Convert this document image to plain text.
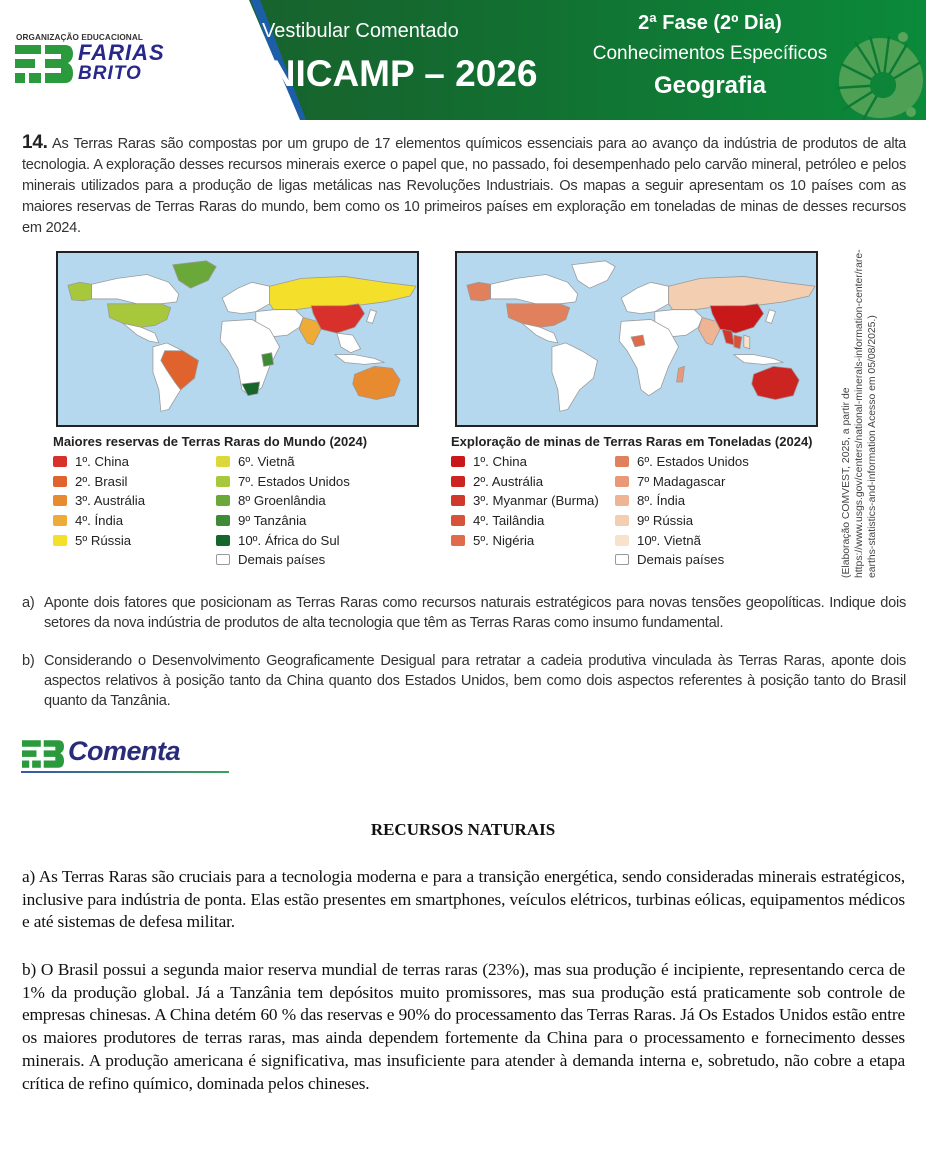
ORGANIZAÇÃO EDUCACIONAL
FARIAS
BRITO
Vestibular Comentado
UNICAMP – 2026
2ª Fase (2º Dia)
Conhecimentos Específicos
Geografia
14. As Terras Raras são compostas por um grupo de 17 elementos químicos essenciais para ao avanço da indústria de produtos de alta tecnologia. A exploração desses recursos minerais exerce o papel que, no passado, foi desempenhado pelo carvão mineral, petróleo e pelos minerais utilizados para a produção de ligas metálicas nas Revoluções Industriais. Os mapas a seguir apresentam os 10 países com as maiores reservas de Terras Raras do mundo, bem como os 10 primeiros países em exploração em toneladas de minas de desses recursos em 2024.
Maiores reservas de Terras Raras do Mundo (2024)
1º. China
2º. Brasil
3º. Austrália
4º. Índia
5º Rússia
6º. Vietnã
7º. Estados Unidos
8º Groenlândia
9º Tanzânia
10º. África do Sul
Demais países
Exploração de minas de Terras Raras em Toneladas (2024)
1º. China
2º. Austrália
3º. Myanmar (Burma)
4º. Tailândia
5º. Nigéria
6º. Estados Unidos
7º Madagascar
8º. Índia
9º Rússia
10º. Vietnã
Demais países	(Elaboração COMVEST, 2025, a partir de https://www.usgs.gov/centers/national-minerals-information-center/rare-earths-statistics-and-information Acesso em 05/08/2025.)
a) Aponte dois fatores que posicionam as Terras Raras como recursos naturais estratégicos para novas tensões geopolíticas. Indique dois setores da nova indústria de produtos de alta tecnologia que têm as Terras Raras como insumo fundamental.
b) Considerando o Desenvolvimento Geograficamente Desigual para retratar a cadeia produtiva vinculada às Terras Raras, aponte dois aspectos relativos à posição tanto da China quanto dos Estados Unidos, bem como dois aspectos referentes à posição tanto do Brasil quanto da Tanzânia.
Comenta
RECURSOS NATURAIS
a) As Terras Raras são cruciais para a tecnologia moderna e para a transição energética, sendo consideradas minerais estratégicos, inclusive para indústria de ponta. Elas estão presentes em smartphones, veículos elétricos, turbinas eólicas, equipamentos médicos e até sistemas de defesa militar.
b) O Brasil possui a segunda maior reserva mundial de terras raras (23%), mas sua produção é incipiente, representando cerca de 1% da produção global. Já a Tanzânia tem depósitos muito promissores, mas sua produção está praticamente sob controle de empresas chinesas. A China detém 60 % das reservas e 90% do processamento das Terras Raras. Já Os Estados Unidos estão entre os maiores produtores de terras raras, mas ainda dependem fortemente da China para o processamento e fornecimento desses minerais. A produção americana é significativa, mas insuficiente para atender à demanda interna e, sobretudo, não cobre a etapa crítica de refino químico, dominada pelos chineses.
